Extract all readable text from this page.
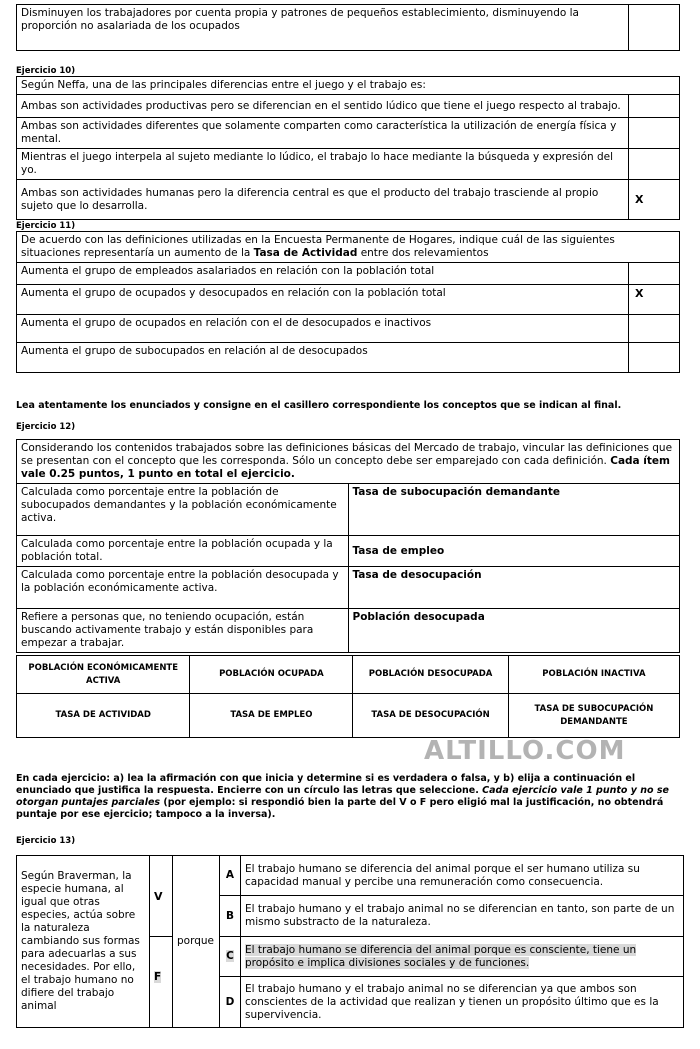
Disminuyen los trabajadores por cuenta propia y patrones de pequeños establecimiento, disminuyendo la proporción no asalariada de los ocupados	
Ejercicio 10)
Según Neffa, una de las principales diferencias entre el juego y el trabajo es:	
Ambas son actividades productivas pero se diferencian en el sentido lúdico que tiene el juego respecto al trabajo.	
Ambas son actividades diferentes que solamente comparten como característica la utilización de energía física y mental.	
Mientras el juego interpela al sujeto mediante lo lúdico, el trabajo lo hace mediante la búsqueda y expresión del yo.	
Ambas son actividades humanas pero la diferencia central es que el producto del trabajo trasciende al propio sujeto que lo desarrolla.	X
Ejercicio 11)
De acuerdo con las definiciones utilizadas en la Encuesta Permanente de Hogares, indique cuál de las siguientes situaciones representaría un aumento de la Tasa de Actividad entre dos relevamientos	
Aumenta el grupo de empleados asalariados en relación con la población total	
Aumenta el grupo de ocupados y desocupados en relación con la población total	X
Aumenta el grupo de ocupados en relación con el de desocupados e inactivos	
Aumenta el grupo de subocupados en relación al de desocupados	
Lea atentamente los enunciados y consigne en el casillero correspondiente los conceptos que se indican al final.
Ejercicio 12)
Considerando los contenidos trabajados sobre las definiciones básicas del Mercado de trabajo, vincular las definiciones que se presentan con el concepto que les corresponda. Sólo un concepto debe ser emparejado con cada definición. Cada ítem vale 0.25 puntos, 1 punto en total el ejercicio.	
Calculada como porcentaje entre la población de subocupados demandantes y la población económicamente activa.	Tasa de subocupación demandante
Calculada como porcentaje entre la población ocupada y la población total.	Tasa de empleo
Calculada como porcentaje entre la población desocupada y la población económicamente activa.	Tasa de desocupación
Refiere a personas que, no teniendo ocupación, están buscando activamente trabajo y están disponibles para empezar a trabajar.	Población desocupada
POBLACIÓN ECONÓMICAMENTE ACTIVA	POBLACIÓN OCUPADA	POBLACIÓN DESOCUPADA	POBLACIÓN INACTIVA
TASA DE ACTIVIDAD	TASA DE EMPLEO	TASA DE DESOCUPACIÓN	TASA DE SUBOCUPACIÓN DEMANDANTE
ALTILLO.COM
En cada ejercicio: a) lea la afirmación con que inicia y determine si es verdadera o falsa, y b) elija a continuación el enunciado que justifica la respuesta. Encierre con un círculo las letras que seleccione. Cada ejercicio vale 1 punto y no se otorgan puntajes parciales (por ejemplo: si respondió bien la parte del V o F pero eligió mal la justificación, no obtendrá puntaje por ese ejercicio; tampoco a la inversa).
Ejercicio 13)
Según Braverman, la especie humana, al igual que otras especies, actúa sobre la naturaleza cambiando sus formas para adecuarlas a sus necesidades. Por ello, el trabajo humano no difiere del trabajo animal	V	porque	A	El trabajo humano se diferencia del animal porque el ser humano utiliza su capacidad manual y percibe una remuneración como consecuencia.
			B	El trabajo humano y el trabajo animal no se diferencian en tanto, son parte de un mismo substracto de la naturaleza.
	F		C	El trabajo humano se diferencia del animal porque es consciente, tiene un propósito e implica divisiones sociales y de funciones.
			D	El trabajo humano y el trabajo animal no se diferencian ya que ambos son conscientes de la actividad que realizan y tienen un propósito último que es la supervivencia.
